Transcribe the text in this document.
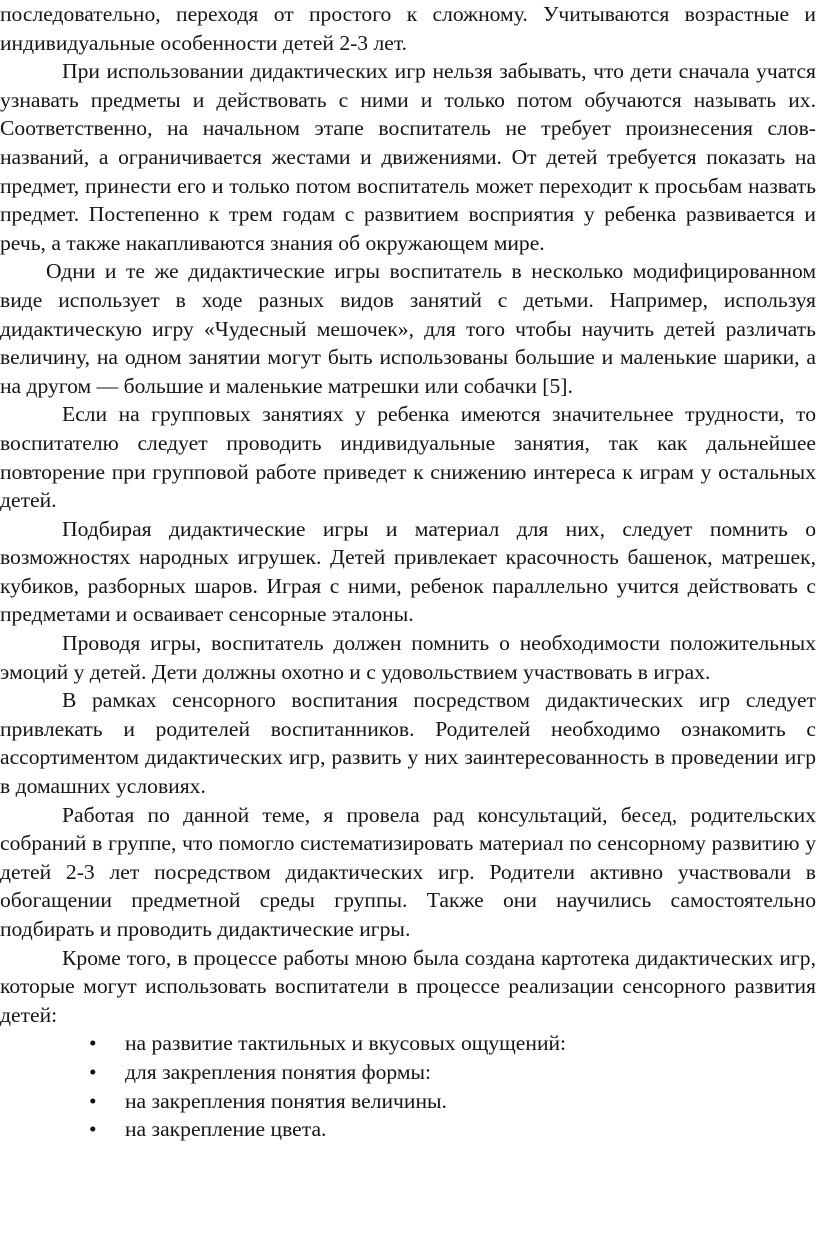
последовательно, переходя от простого к сложному. Учитываются возрастные и индивидуальные особенности детей 2-3 лет.

При использовании дидактических игр нельзя забывать, что дети сначала учатся узнавать предметы и действовать с ними и только потом обучаются называть их. Соответственно, на начальном этапе воспитатель не требует произнесения слов-названий, а ограничивается жестами и движениями. От детей требуется показать на предмет, принести его и только потом воспитатель может переходит к просьбам назвать предмет. Постепенно к трем годам с развитием восприятия у ребенка развивается и речь, а также накапливаются знания об окружающем мире.

Одни и те же дидактические игры воспитатель в несколько модифицированном виде использует в ходе разных видов занятий с детьми. Например, используя дидактическую игру «Чудесный мешочек», для того чтобы научить детей различать величину, на одном занятии могут быть использованы большие и маленькие шарики, а на другом — большие и маленькие матрешки или собачки [5].

Если на групповых занятиях у ребенка имеются значительнее трудности, то воспитателю следует проводить индивидуальные занятия, так как дальнейшее повторение при групповой работе приведет к снижению интереса к играм у остальных детей.

Подбирая дидактические игры и материал для них, следует помнить о возможностях народных игрушек. Детей привлекает красочность башенок, матрешек, кубиков, разборных шаров. Играя с ними, ребенок параллельно учится действовать с предметами и осваивает сенсорные эталоны.

Проводя игры, воспитатель должен помнить о необходимости положительных эмоций у детей. Дети должны охотно и с удовольствием участвовать в играх.

В рамках сенсорного воспитания посредством дидактических игр следует привлекать и родителей воспитанников. Родителей необходимо ознакомить с ассортиментом дидактических игр, развить у них заинтересованность в проведении игр в домашних условиях.

Работая по данной теме, я провела рад консультаций, бесед, родительских собраний в группе, что помогло систематизировать материал по сенсорному развитию у детей 2-3 лет посредством дидактических игр. Родители активно участвовали в обогащении предметной среды группы. Также они научились самостоятельно подбирать и проводить дидактические игры.

Кроме того, в процессе работы мною была создана картотека дидактических игр, которые могут использовать воспитатели в процессе реализации сенсорного развития детей:

• на развитие тактильных и вкусовых ощущений:
• для закрепления понятия формы:
• на закрепления понятия величины.
• на закрепление цвета.
